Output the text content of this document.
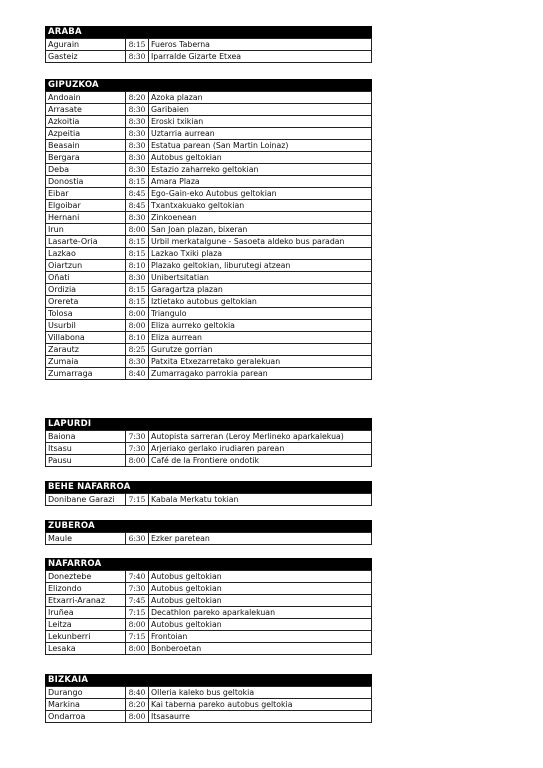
ARABA
Agurain	8:15	Fueros Taberna
Gasteiz	8:30	Iparralde Gizarte Etxea
GIPUZKOA
Andoain	8:20	Azoka plazan
Arrasate	8:30	Garibaien
Azkoitia	8:30	Eroski txikian
Azpeitia	8:30	Uztarria aurrean
Beasain	8:30	Estatua parean (San Martin Loinaz)
Bergara	8:30	Autobus geltokian
Deba	8:30	Estazio zaharreko geltokian
Donostia	8:15	Amara Plaza
Eibar	8:45	Ego-Gain-eko Autobus geltokian
Elgoibar	8:45	Txantxakuako geltokian
Hernani	8:30	Zinkoenean
Irun	8:00	San Joan plazan, bixeran
Lasarte-Oria	8:15	Urbil merkatalgune - Sasoeta aldeko bus paradan
Lazkao	8:15	Lazkao Txiki plaza
Oiartzun	8:10	Plazako geltokian, liburutegi atzean
Oñati	8:30	Unibertsitatian
Ordizia	8:15	Garagartza plazan
Orereta	8:15	Iztietako autobus geltokian
Tolosa	8:00	Triangulo
Usurbil	8:00	Eliza aurreko geltokia
Villabona	8:10	Eliza aurrean
Zarautz	8:25	Gurutze gorrian
Zumaia	8:30	Patxita Etxezarretako geralekuan
Zumarraga	8:40	Zumarragako parrokia parean
LAPURDI
Baiona	7:30	Autopista sarreran (Leroy Merlineko aparkalekua)
Itsasu	7:30	Arjeriako gerlako irudiaren parean
Pausu	8:00	Café de la Frontiere ondotik
BEHE NAFARROA
Donibane Garazi	7:15	Kabala Merkatu tokian
ZUBEROA
Maule	6:30	Ezker paretean
NAFARROA
Doneztebe	7:40	Autobus geltokian
Elizondo	7:30	Autobus geltokian
Etxarri-Aranaz	7:45	Autobus geltokian
Iruñea	7:15	Decathlon pareko aparkalekuan
Leitza	8:00	Autobus geltokian
Lekunberri	7:15	Frontoian
Lesaka	8:00	Bonberoetan
BIZKAIA
Durango	8:40	Olleria kaleko bus geltokia
Markina	8:20	Kai taberna pareko autobus geltokia
Ondarroa	8:00	Itsasaurre
